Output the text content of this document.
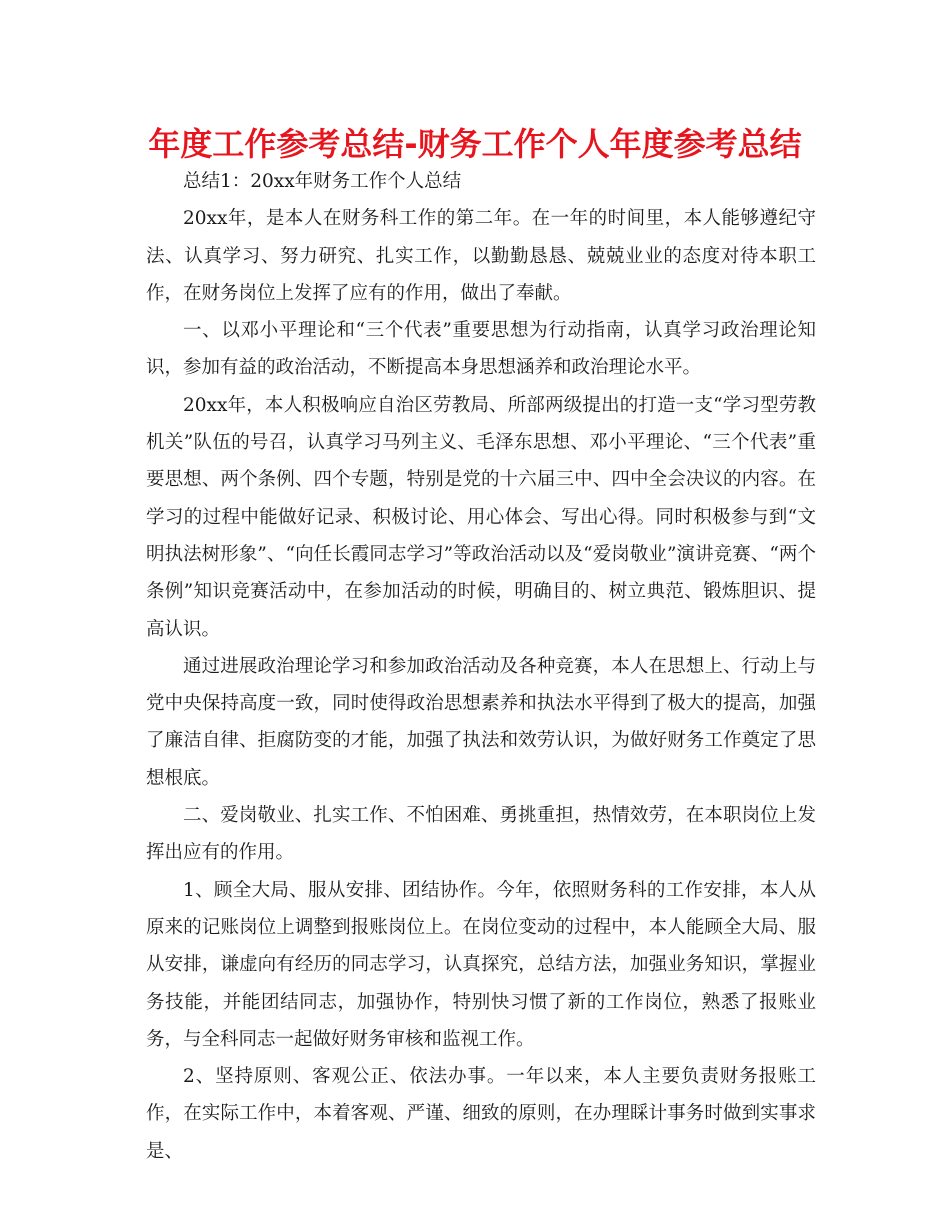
年度工作参考总结-财务工作个人年度参考总结

总结1：20xx年财务工作个人总结

20xx年，是本人在财务科工作的第二年。在一年的时间里，本人能够遵纪守法、认真学习、努力研究、扎实工作，以勤勤恳恳、兢兢业业的态度对待本职工作，在财务岗位上发挥了应有的作用，做出了奉献。

一、以邓小平理论和“三个代表”重要思想为行动指南，认真学习政治理论知识，参加有益的政治活动，不断提高本身思想涵养和政治理论水平。

20xx年，本人积极响应自治区劳教局、所部两级提出的打造一支“学习型劳教机关”队伍的号召，认真学习马列主义、毛泽东思想、邓小平理论、“三个代表”重要思想、两个条例、四个专题，特别是党的十六届三中、四中全会决议的内容。在学习的过程中能做好记录、积极讨论、用心体会、写出心得。同时积极参与到“文明执法树形象”、“向任长霞同志学习”等政治活动以及“爱岗敬业”演讲竞赛、“两个条例”知识竞赛活动中，在参加活动的时候，明确目的、树立典范、锻炼胆识、提高认识。

通过进展政治理论学习和参加政治活动及各种竞赛，本人在思想上、行动上与党中央保持高度一致，同时使得政治思想素养和执法水平得到了极大的提高，加强了廉洁自律、拒腐防变的才能，加强了执法和效劳认识，为做好财务工作奠定了思想根底。

二、爱岗敬业、扎实工作、不怕困难、勇挑重担，热情效劳，在本职岗位上发挥出应有的作用。

1、顾全大局、服从安排、团结协作。今年，依照财务科的工作安排，本人从原来的记账岗位上调整到报账岗位上。在岗位变动的过程中，本人能顾全大局、服从安排，谦虚向有经历的同志学习，认真探究，总结方法，加强业务知识，掌握业务技能，并能团结同志，加强协作，特别快习惯了新的工作岗位，熟悉了报账业务，与全科同志一起做好财务审核和监视工作。

2、坚持原则、客观公正、依法办事。一年以来，本人主要负责财务报账工作，在实际工作中，本着客观、严谨、细致的原则，在办理睬计事务时做到实事求是、
